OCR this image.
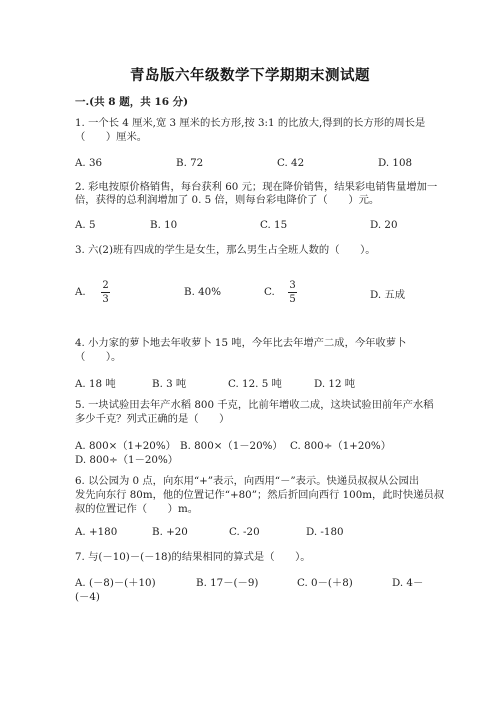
青岛版六年级数学下学期期末测试题
一.(共 8 题，共 16 分)
1. 一个长 4 厘米,宽 3 厘米的长方形,按 3:1 的比放大,得到的长方形的周长是
（　　）厘米。
A. 36	B. 72	C. 42	D. 108
2. 彩电按原价格销售，每台获利 60 元；现在降价销售，结果彩电销售量增加一
倍，获得的总利润增加了 0. 5 倍，则每台彩电降价了（　　）元。
A. 5	B. 10	C. 15	D. 20
3. 六(2)班有四成的学生是女生，那么男生占全班人数的（　　）。
A.
2
3
B. 40%	C.
3
5	D. 五成
4. 小力家的萝卜地去年收萝卜 15 吨，今年比去年增产二成，今年收萝卜
（　　）。
A. 18 吨	B. 3 吨	C. 12. 5 吨	D. 12 吨
5. 一块试验田去年产水稻 800 千克，比前年增收二成，这块试验田前年产水稻
多少千克？列式正确的是（　　）
A. 800×（1+20%） B. 800×（1－20%） C. 800÷（1+20%）
D. 800÷（1－20%）
6. 以公园为 0 点，向东用“+”表示，向西用“－”表示。快递员叔叔从公园出
发先向东行 80m，他的位置记作“+80”；然后折回向西行 100m，此时快递员叔
叔的位置记作（　　）m。
A. +180	B. +20	C. -20	D. -180
7. 与(－10)－(－18)的结果相同的算式是（　　）。
A. (－8)－(＋10)	B. 17－(－9)	C. 0－(＋8)	D. 4－
(－4)
